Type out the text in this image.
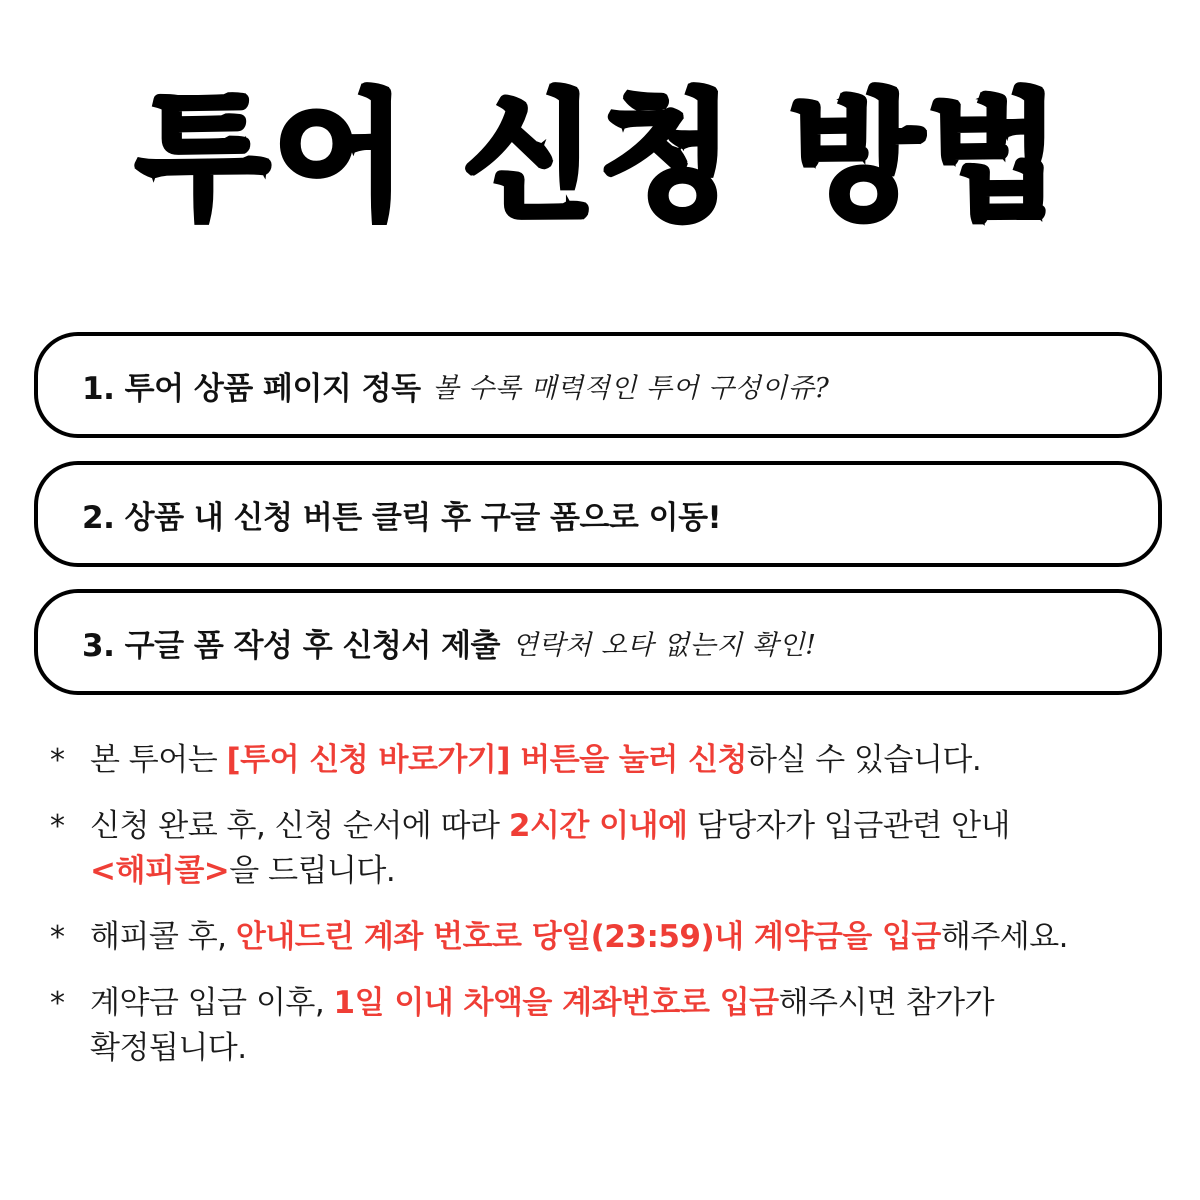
투어 신청 방법
1. 투어 상품 페이지 정독 볼 수록 매력적인 투어 구성이쥬?
2. 상품 내 신청 버튼 클릭 후 구글 폼으로 이동!
3. 구글 폼 작성 후 신청서 제출 연락처 오타 없는지 확인!
* 본 투어는 [투어 신청 바로가기] 버튼을 눌러 신청하실 수 있습니다.
* 신청 완료 후, 신청 순서에 따라 2시간 이내에 담당자가 입금관련 안내
<해피콜>을 드립니다.
* 해피콜 후, 안내드린 계좌 번호로 당일(23:59)내 계약금을 입금해주세요.
* 계약금 입금 이후, 1일 이내 차액을 계좌번호로 입금해주시면 참가가
확정됩니다.
